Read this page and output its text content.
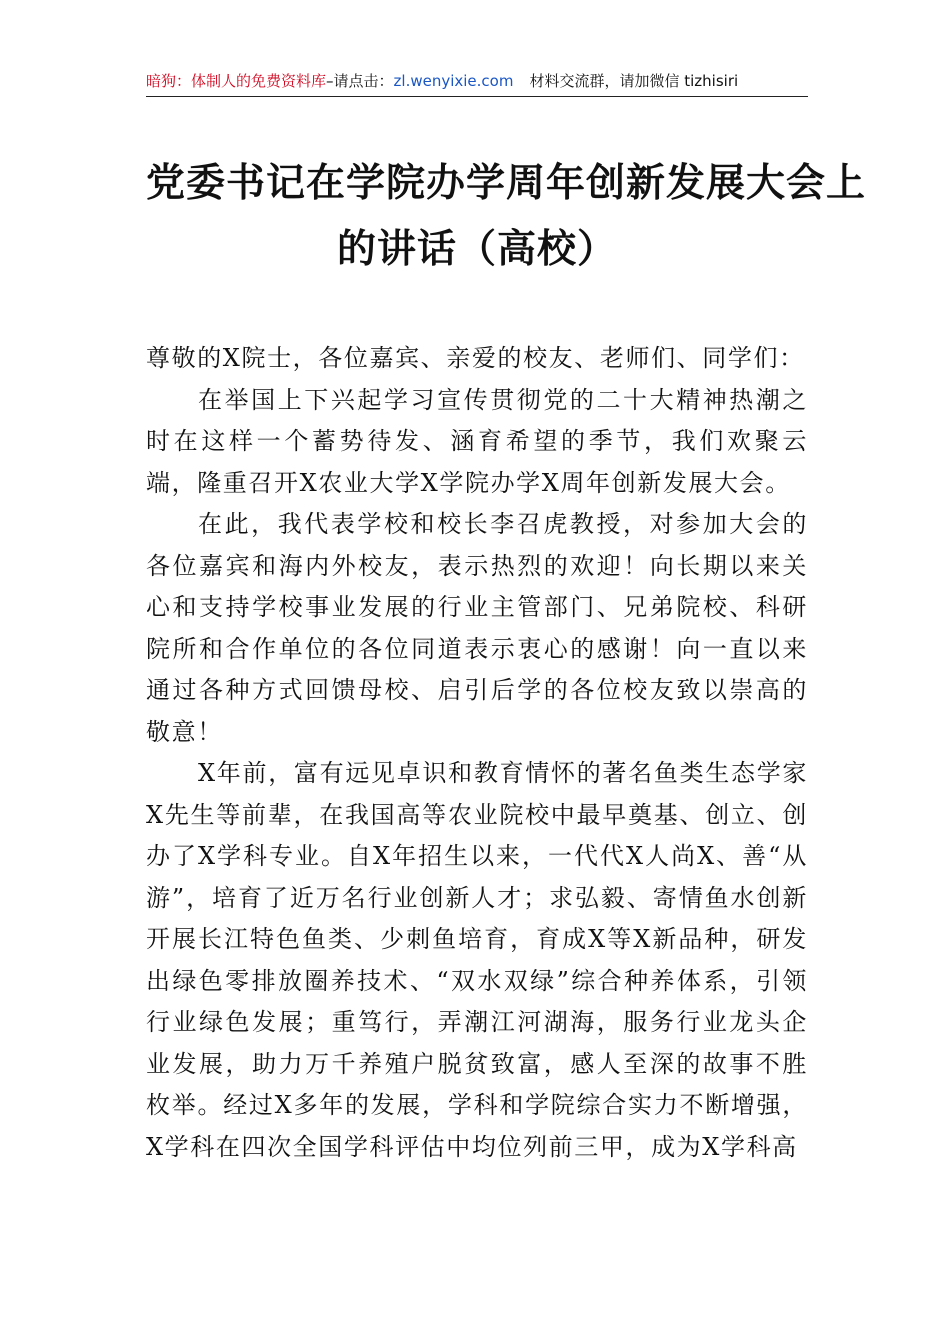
暗狗：体制人的免费资料库–请点击：zl.wenyixie.com 材料交流群，请加微信 tizhisiri
党委书记在学院办学周年创新发展大会上
的讲话（高校）

尊敬的X院士，各位嘉宾、亲爱的校友、老师们、同学们：

在举国上下兴起学习宣传贯彻党的二十大精神热潮之时在这样一个蓄势待发、涵育希望的季节，我们欢聚云端，隆重召开X农业大学X学院办学X周年创新发展大会。

在此，我代表学校和校长李召虎教授，对参加大会的各位嘉宾和海内外校友，表示热烈的欢迎！向长期以来关心和支持学校事业发展的行业主管部门、兄弟院校、科研院所和合作单位的各位同道表示衷心的感谢！向一直以来通过各种方式回馈母校、启引后学的各位校友致以崇高的敬意！

X年前，富有远见卓识和教育情怀的著名鱼类生态学家X先生等前辈，在我国高等农业院校中最早奠基、创立、创办了X学科专业。自X年招生以来，一代代X人尚X、善“从游”，培育了近万名行业创新人才；求弘毅、寄情鱼水创新开展长江特色鱼类、少刺鱼培育，育成X等X新品种，研发出绿色零排放圈养技术、“双水双绿”综合种养体系，引领行业绿色发展；重笃行，弄潮江河湖海，服务行业龙头企业发展，助力万千养殖户脱贫致富，感人至深的故事不胜枚举。经过X多年的发展，学科和学院综合实力不断增强，X学科在四次全国学科评估中均位列前三甲，成为X学科高
